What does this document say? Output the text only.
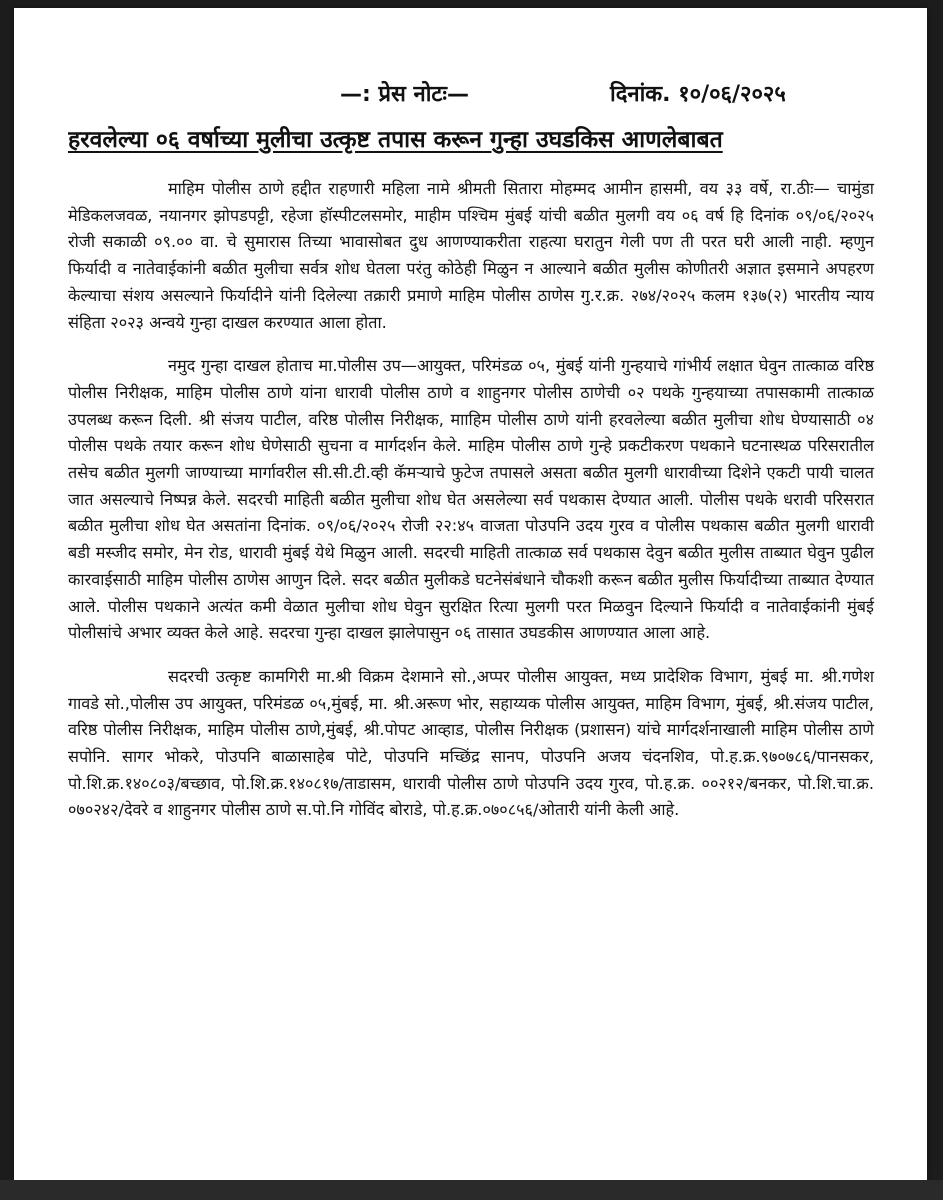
—: प्रेस नोटः—	दिनांक. १०/०६/२०२५
हरवलेल्या ०६ वर्षाच्या मुलीचा उत्कृष्ट तपास करून गुन्हा उघडकिस आणलेबाबत

माहिम पोलीस ठाणे हद्दीत राहणारी महिला नामे श्रीमती सितारा मोहम्मद आमीन हासमी, वय ३३ वर्षे, रा.ठीः— चामुंडा मेडिकलजवळ, नयानगर झोपडपट्टी, रहेजा हॉस्पीटलसमोर, माहीम पश्चिम मुंबई यांची बळीत मुलगी वय ०६ वर्ष हि दिनांक ०९/०६/२०२५ रोजी सकाळी ०९.०० वा. चे सुमारास तिच्या भावासोबत दुध आणण्याकरीता राहत्या घरातुन गेली पण ती परत घरी आली नाही. म्हणुन फिर्यादी व नातेवाईकांनी बळीत मुलीचा सर्वत्र शोध घेतला परंतु कोठेही मिळुन न आल्याने बळीत मुलीस कोणीतरी अज्ञात इसमाने अपहरण केल्याचा संशय असल्याने फिर्यादीने यांनी दिलेल्या तक्रारी प्रमाणे माहिम पोलीस ठाणेस गु.र.क्र. २७४/२०२५ कलम १३७(२) भारतीय न्याय संहिता २०२३ अन्वये गुन्हा दाखल करण्यात आला होता.

नमुद गुन्हा दाखल होताच मा.पोलीस उप—आयुक्त, परिमंडळ ०५, मुंबई यांनी गुन्हयाचे गांभीर्य लक्षात घेवुन तात्काळ वरिष्ठ पोलीस निरीक्षक, माहिम पोलीस ठाणे यांना धारावी पोलीस ठाणे व शाहुनगर पोलीस ठाणेची ०२ पथके गुन्हयाच्या तपासकामी तात्काळ उपलब्ध करून दिली. श्री संजय पाटील, वरिष्ठ पोलीस निरीक्षक, मााहिम पोलीस ठाणे यांनी हरवलेल्या बळीत मुलीचा शोध घेण्यासाठी ०४ पोलीस पथके तयार करून शोध घेणेसाठी सुचना व मार्गदर्शन केले. माहिम पोलीस ठाणे गुन्हे प्रकटीकरण पथकाने घटनास्थळ परिसरातील तसेच बळीत मुलगी जाण्याच्या मार्गावरील सी.सी.टी.व्ही कॅमऱ्याचे फुटेज तपासले असता बळीत मुलगी धारावीच्या दिशेने एकटी पायी चालत जात असल्याचे निष्पन्न केले. सदरची माहिती बळीत मुलीचा शोध घेत असलेल्या सर्व पथकास देण्यात आली. पोलीस पथके धरावी परिसरात बळीत मुलीचा शोध घेत असतांना दिनांक. ०९/०६/२०२५ रोजी २२:४५ वाजता पोउपनि उदय गुरव व पोलीस पथकास बळीत मुलगी धारावी बडी मस्जीद समोर, मेन रोड, धारावी मुंबई येथे मिळुन आली. सदरची माहिती तात्काळ सर्व पथकास देवुन बळीत मुलीस ताब्यात घेवुन पुढील कारवाईसाठी माहिम पोलीस ठाणेस आणुन दिले. सदर बळीत मुलीकडे घटनेसंबंधाने चौकशी करून बळीत मुलीस फिर्यादीच्या ताब्यात देण्यात आले. पोलीस पथकाने अत्यंत कमी वेळात मुलीचा शोध घेवुन सुरक्षित रित्या मुलगी परत मिळवुन दिल्याने फिर्यादी व नातेवाईकांनी मुंबई पोलीसांचे अभार व्यक्त केले आहे. सदरचा गुन्हा दाखल झालेपासुन ०६ तासात उघडकीस आणण्यात आला आहे.

सदरची उत्कृष्ट कामगिरी मा.श्री विक्रम देशमाने सो.,अप्पर पोलीस आयुक्त, मध्य प्रादेशिक विभाग, मुंबई मा. श्री.गणेश गावडे सो.,पोलीस उप आयुक्त, परिमंडळ ०५,मुंबई, मा. श्री.अरूण भोर, सहाय्यक पोलीस आयुक्त, माहिम विभाग, मुंबई, श्री.संजय पाटील, वरिष्ठ पोलीस निरीक्षक, माहिम पोलीस ठाणे,मुंबई, श्री.पोपट आव्हाड, पोलीस निरीक्षक (प्रशासन) यांचे मार्गदर्शनाखाली माहिम पोलीस ठाणे सपोनि. सागर भोकरे, पोउपनि बाळासाहेब पोटे, पोउपनि मच्छिंद्र सानप, पोउपनि अजय चंदनशिव, पो.ह.क्र.९७०७८६/पानसकर, पो.शि.क्र.१४०८०३/बच्छाव, पो.शि.क्र.१४०८१७/ताडासम, धारावी पोलीस ठाणे पोउपनि उदय गुरव, पो.ह.क्र. ००२१२/बनकर, पो.शि.चा.क्र. ०७०२४२/देवरे व शाहुनगर पोलीस ठाणे स.पो.नि गोविंद बोराडे, पो.ह.क्र.०७०८५६/ओतारी यांनी केली आहे.
